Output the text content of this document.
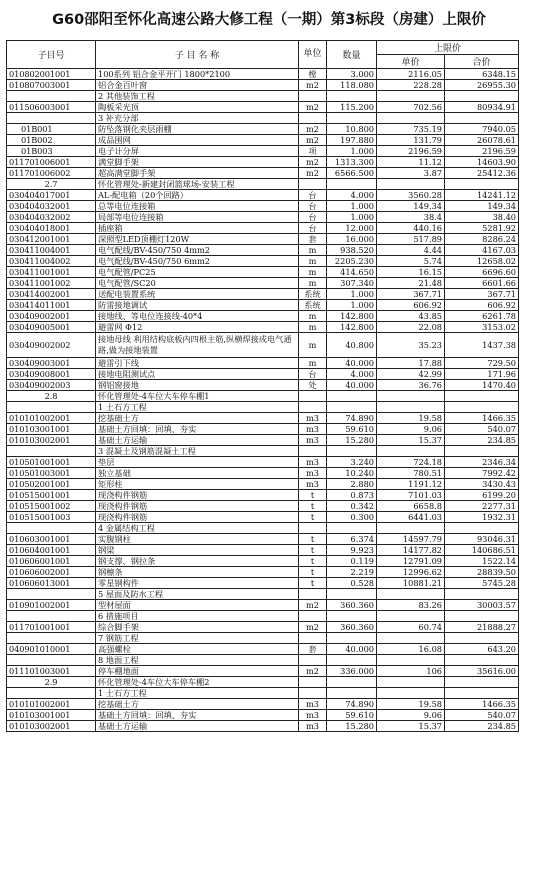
G60邵阳至怀化高速公路大修工程（一期）第3标段（房建）上限价
子目号	子 目 名 称	单位	数量	上限价	
				单价	合价
010802001001	100系列 铝合金平开门 1800*2100	樘	3.000	2116.05	6348.15
010807003001	铝合金百叶窗	m2	118.080	228.28	26955.30
	2 其他装饰工程				
011506003001	陶板采光顶	m2	115.200	702.56	80934.91
	3 补充分部				
01B001	防坠落钢化夹层雨棚	m2	10.800	735.19	7940.05
01B002	成品围网	m2	197.880	131.79	26078.61
01B003	电子计分屏	项	1.000	2196.59	2196.59
011701006001	满堂脚手架	m2	1313.300	11.12	14603.90
011701006002	超高满堂脚手架	m2	6566.500	3.87	25412.36
2.7	怀化管理处-新建封闭篮球场-安装工程				
030404017001	AL-配电箱（20个回路）	台	4.000	3560.28	14241.12
030404032001	总等电位连接箱	台	1.000	149.34	149.34
030404032002	局部等电位连接箱	台	1.000	38.4	38.40
030404018001	插座箱	台	12.000	440.16	5281.92
030412001001	深照型LED顶棚灯120W	套	16.000	517.89	8286.24
030411004001	电气配线/BV-450/750 4mm2	m	938.520	4.44	4167.03
030411004002	电气配线/BV-450/750 6mm2	m	2205.230	5.74	12658.02
030411001001	电气配管/PC25	m	414.650	16.15	6696.60
030411001002	电气配管/SC20	m	307.340	21.48	6601.66
030414002001	送配电装置系统	系统	1.000	367.71	367.71
030414011001	防雷接地调试	系统	1.000	606.92	606.92
030409002001	接地线、等电位连接线-40*4	m	142.800	43.85	6261.78
030409005001	避雷网 Φ12	m	142.800	22.08	3153.02
030409002002	接地母线 利用结构底板内四根主筋,纵横焊接成电气通路,做为接地装置	m	40.800	35.23	1437.38
030409003001	避雷引下线	m	40.000	17.88	729.50
030409008001	接地电阻测试点	台	4.000	42.99	171.96
030409002003	钢铝窗接地	处	40.000	36.76	1470.40
2.8	怀化管理处-4车位大车停车棚1				
	1 土石方工程				
010101002001	挖基础土方	m3	74.890	19.58	1466.35
010103001001	基础土方回填：回填、夯实	m3	59.610	9.06	540.07
010103002001	基础土方运输	m3	15.280	15.37	234.85
	3 混凝土及钢筋混凝土工程				
010501001001	垫层	m3	3.240	724.18	2346.34
010501003001	独立基础	m3	10.240	780.51	7992.42
010502001001	矩形柱	m3	2.880	1191.12	3430.43
010515001001	现浇构件钢筋	t	0.873	7101.03	6199.20
010515001002	现浇构件钢筋	t	0.342	6658.8	2277.31
010515001003	现浇构件钢筋	t	0.300	6441.03	1932.31
	4 金属结构工程				
010603001001	实腹钢柱	t	6.374	14597.79	93046.31
010604001001	钢梁	t	9.923	14177.82	140686.51
010606001001	钢支撑、钢拉条	t	0.119	12791.09	1522.14
010606002001	钢檩条	t	2.219	12996.62	28839.50
010606013001	零星钢构件	t	0.528	10881.21	5745.28
	5 屋面及防水工程				
010901002001	型材屋面	m2	360.360	83.26	30003.57
	6 措施项目				
011701001001	综合脚手架	m2	360.360	60.74	21888.27
	7 钢筋工程				
040901010001	高强螺栓	套	40.000	16.08	643.20
	8 地面工程				
011101003001	停车棚地面	m2	336.000	106	35616.00
2.9	怀化管理处-4车位大车停车棚2				
	1 土石方工程				
010101002001	挖基础土方	m3	74.890	19.58	1466.35
010103001001	基础土方回填：回填、夯实	m3	59.610	9.06	540.07
010103002001	基础土方运输	m3	15.280	15.37	234.85
